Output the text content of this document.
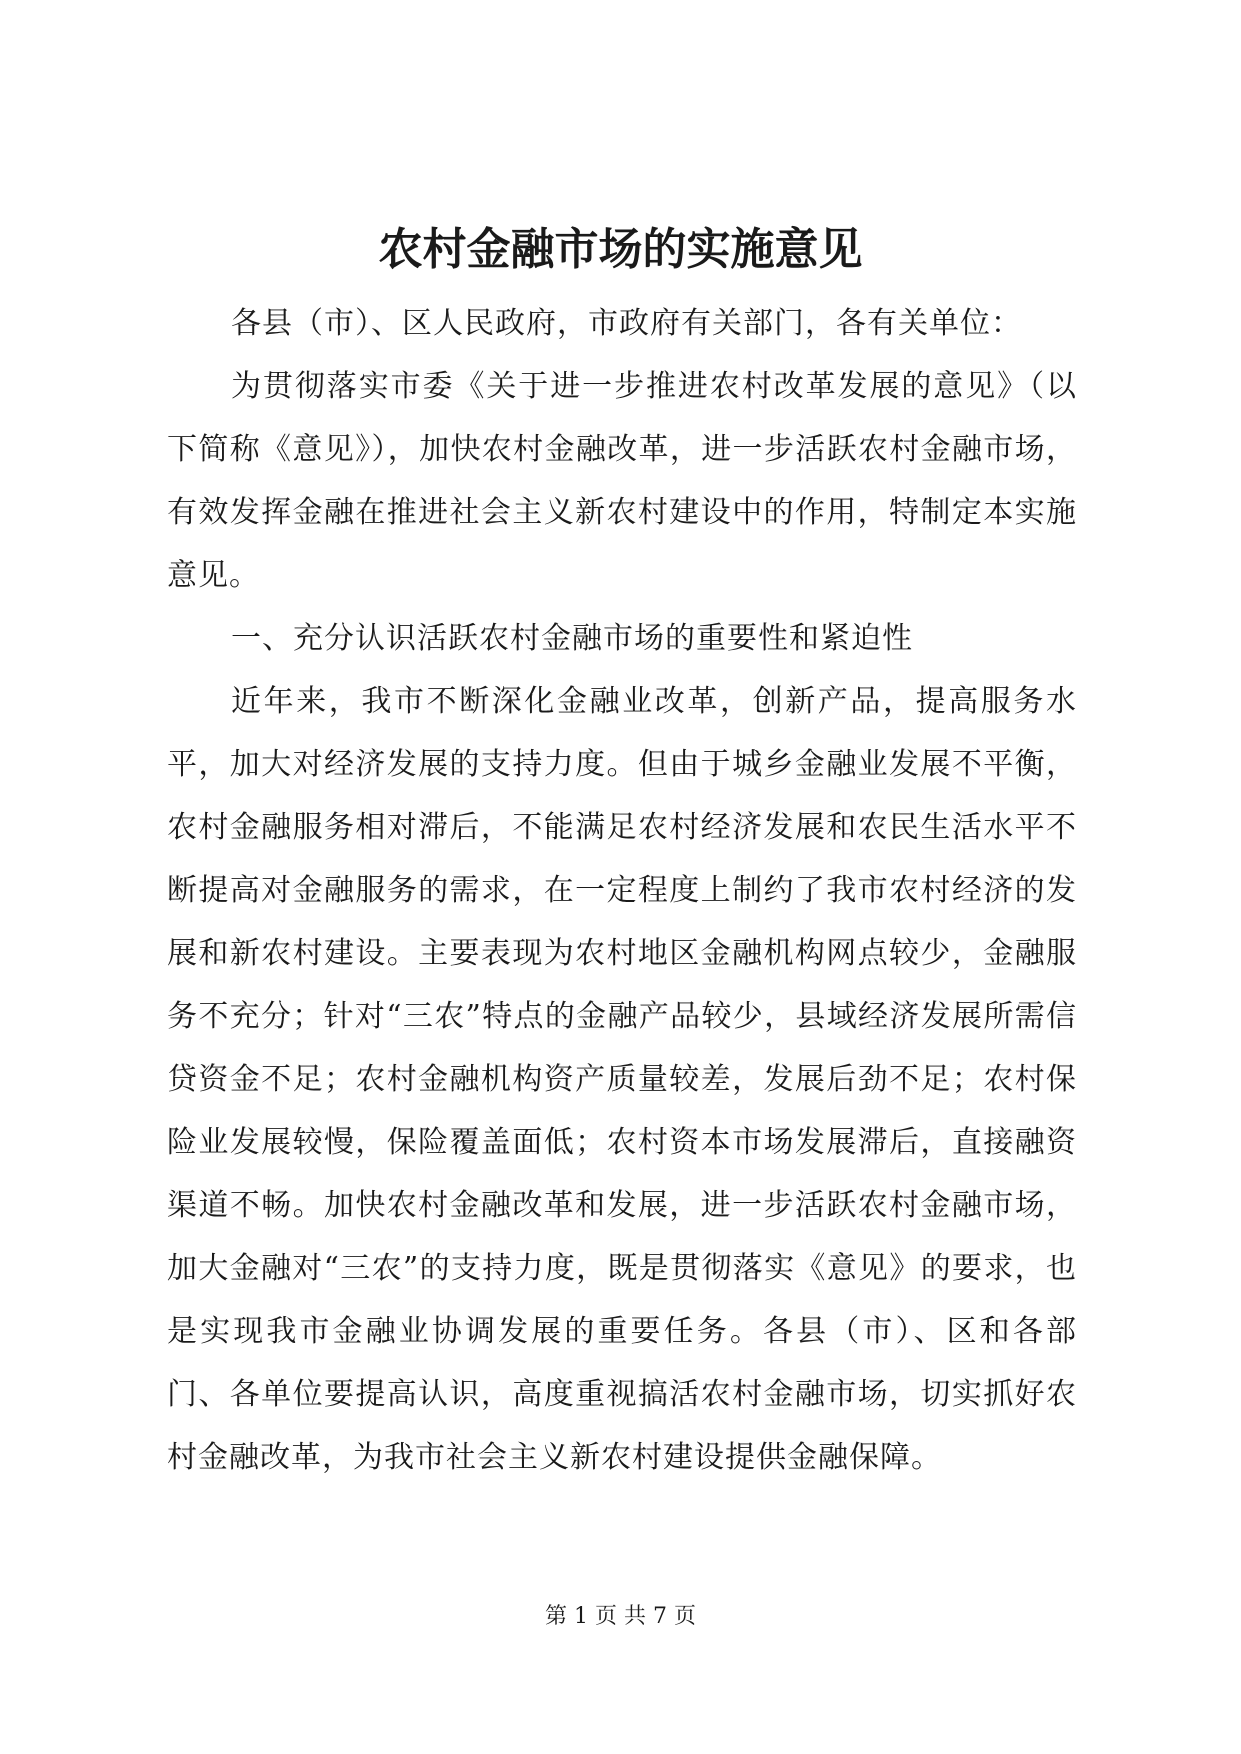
农村金融市场的实施意见

各县（市）、区人民政府，市政府有关部门，各有关单位：

为贯彻落实市委《关于进一步推进农村改革发展的意见》（以下简称《意见》），加快农村金融改革，进一步活跃农村金融市场，有效发挥金融在推进社会主义新农村建设中的作用，特制定本实施意见。

一、充分认识活跃农村金融市场的重要性和紧迫性

近年来，我市不断深化金融业改革，创新产品，提高服务水平，加大对经济发展的支持力度。但由于城乡金融业发展不平衡，农村金融服务相对滞后，不能满足农村经济发展和农民生活水平不断提高对金融服务的需求，在一定程度上制约了我市农村经济的发展和新农村建设。主要表现为农村地区金融机构网点较少，金融服务不充分；针对“三农”特点的金融产品较少，县域经济发展所需信贷资金不足；农村金融机构资产质量较差，发展后劲不足；农村保险业发展较慢，保险覆盖面低；农村资本市场发展滞后，直接融资渠道不畅。加快农村金融改革和发展，进一步活跃农村金融市场，加大金融对“三农”的支持力度，既是贯彻落实《意见》的要求，也是实现我市金融业协调发展的重要任务。各县（市）、区和各部门、各单位要提高认识，高度重视搞活农村金融市场，切实抓好农村金融改革，为我市社会主义新农村建设提供金融保障。

第 1 页 共 7 页
